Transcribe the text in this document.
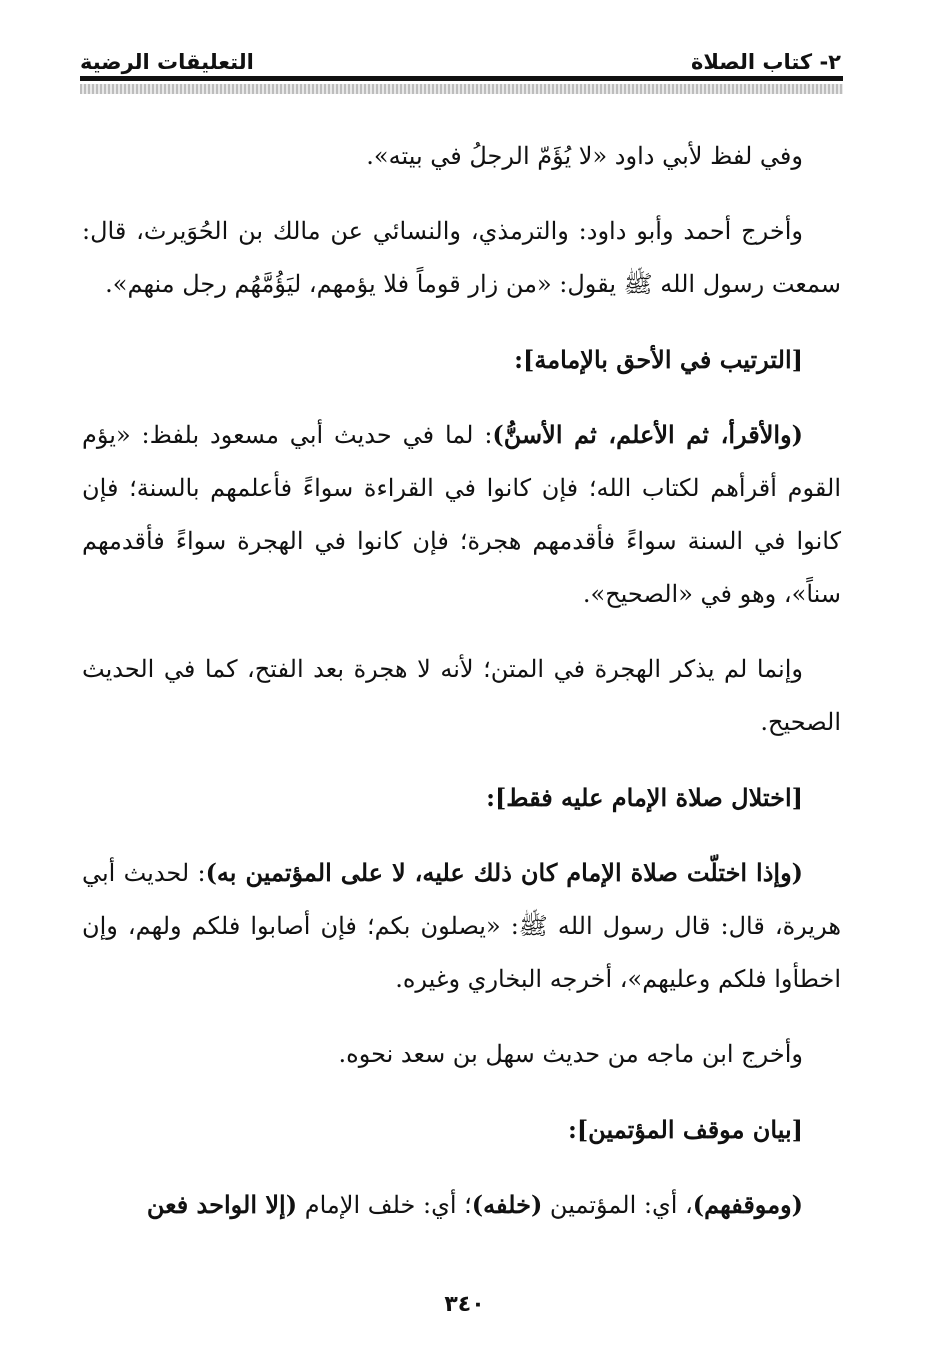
٢- كتاب الصلاة
التعليقات الرضية

وفي لفظ لأبي داود «لا يُؤَمّ الرجلُ في بيته».

وأخرج أحمد وأبو داود: والترمذي، والنسائي عن مالك بن الحُوَيرث، قال: سمعت رسول الله ﷺ يقول: «من زار قوماً فلا يؤمهم، ليَؤُمَّهُم رجل منهم».

[الترتيب في الأحق بالإمامة]:

(والأقرأ، ثم الأعلم، ثم الأسنُّ): لما في حديث أبي مسعود بلفظ: «يؤم القوم أقرأهم لكتاب الله؛ فإن كانوا في القراءة سواءً فأعلمهم بالسنة؛ فإن كانوا في السنة سواءً فأقدمهم هجرة؛ فإن كانوا في الهجرة سواءً فأقدمهم سناً»، وهو في «الصحيح».

وإنما لم يذكر الهجرة في المتن؛ لأنه لا هجرة بعد الفتح، كما في الحديث الصحيح.

[اختلال صلاة الإمام عليه فقط]:

(وإذا اختلّت صلاة الإمام كان ذلك عليه، لا على المؤتمين به): لحديث أبي هريرة، قال: قال رسول الله ﷺ: «يصلون بكم؛ فإن أصابوا فلكم ولهم، وإن اخطأوا فلكم وعليهم»، أخرجه البخاري وغيره.

وأخرج ابن ماجه من حديث سهل بن سعد نحوه.

[بيان موقف المؤتمين]:

(وموقفهم)، أي: المؤتمين (خلفه)؛ أي: خلف الإمام (إلا الواحد فعن

٣٤٠
